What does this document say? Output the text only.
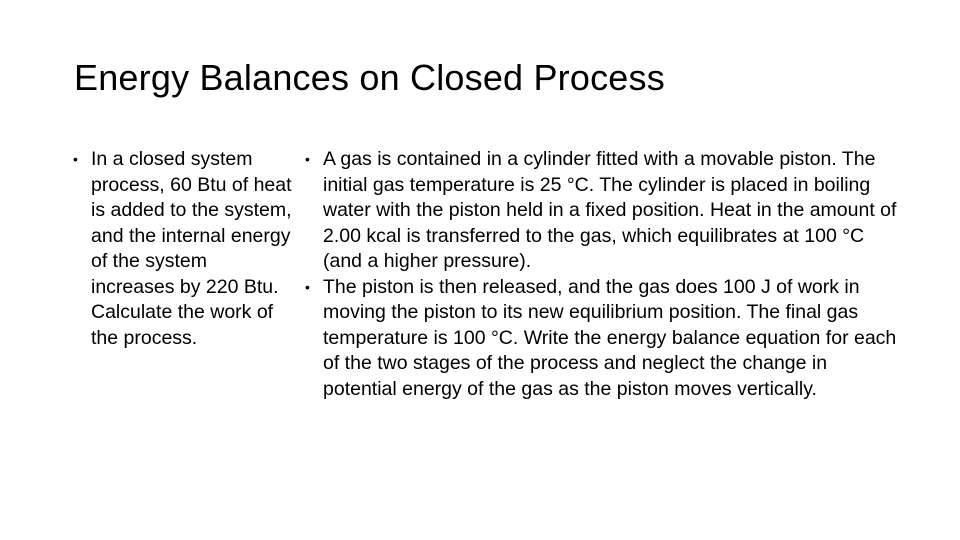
Energy Balances on Closed Process
• In a closed system process, 60 Btu of heat is added to the system, and the internal energy of the system increases by 220 Btu. Calculate the work of the process.
• A gas is contained in a cylinder fitted with a movable piston. The initial gas temperature is 25 °C. The cylinder is placed in boiling water with the piston held in a fixed position. Heat in the amount of 2.00 kcal is transferred to the gas, which equilibrates at 100 °C (and a higher pressure).
• The piston is then released, and the gas does 100 J of work in moving the piston to its new equilibrium position. The final gas temperature is 100 °C. Write the energy balance equation for each of the two stages of the process and neglect the change in potential energy of the gas as the piston moves vertically.
